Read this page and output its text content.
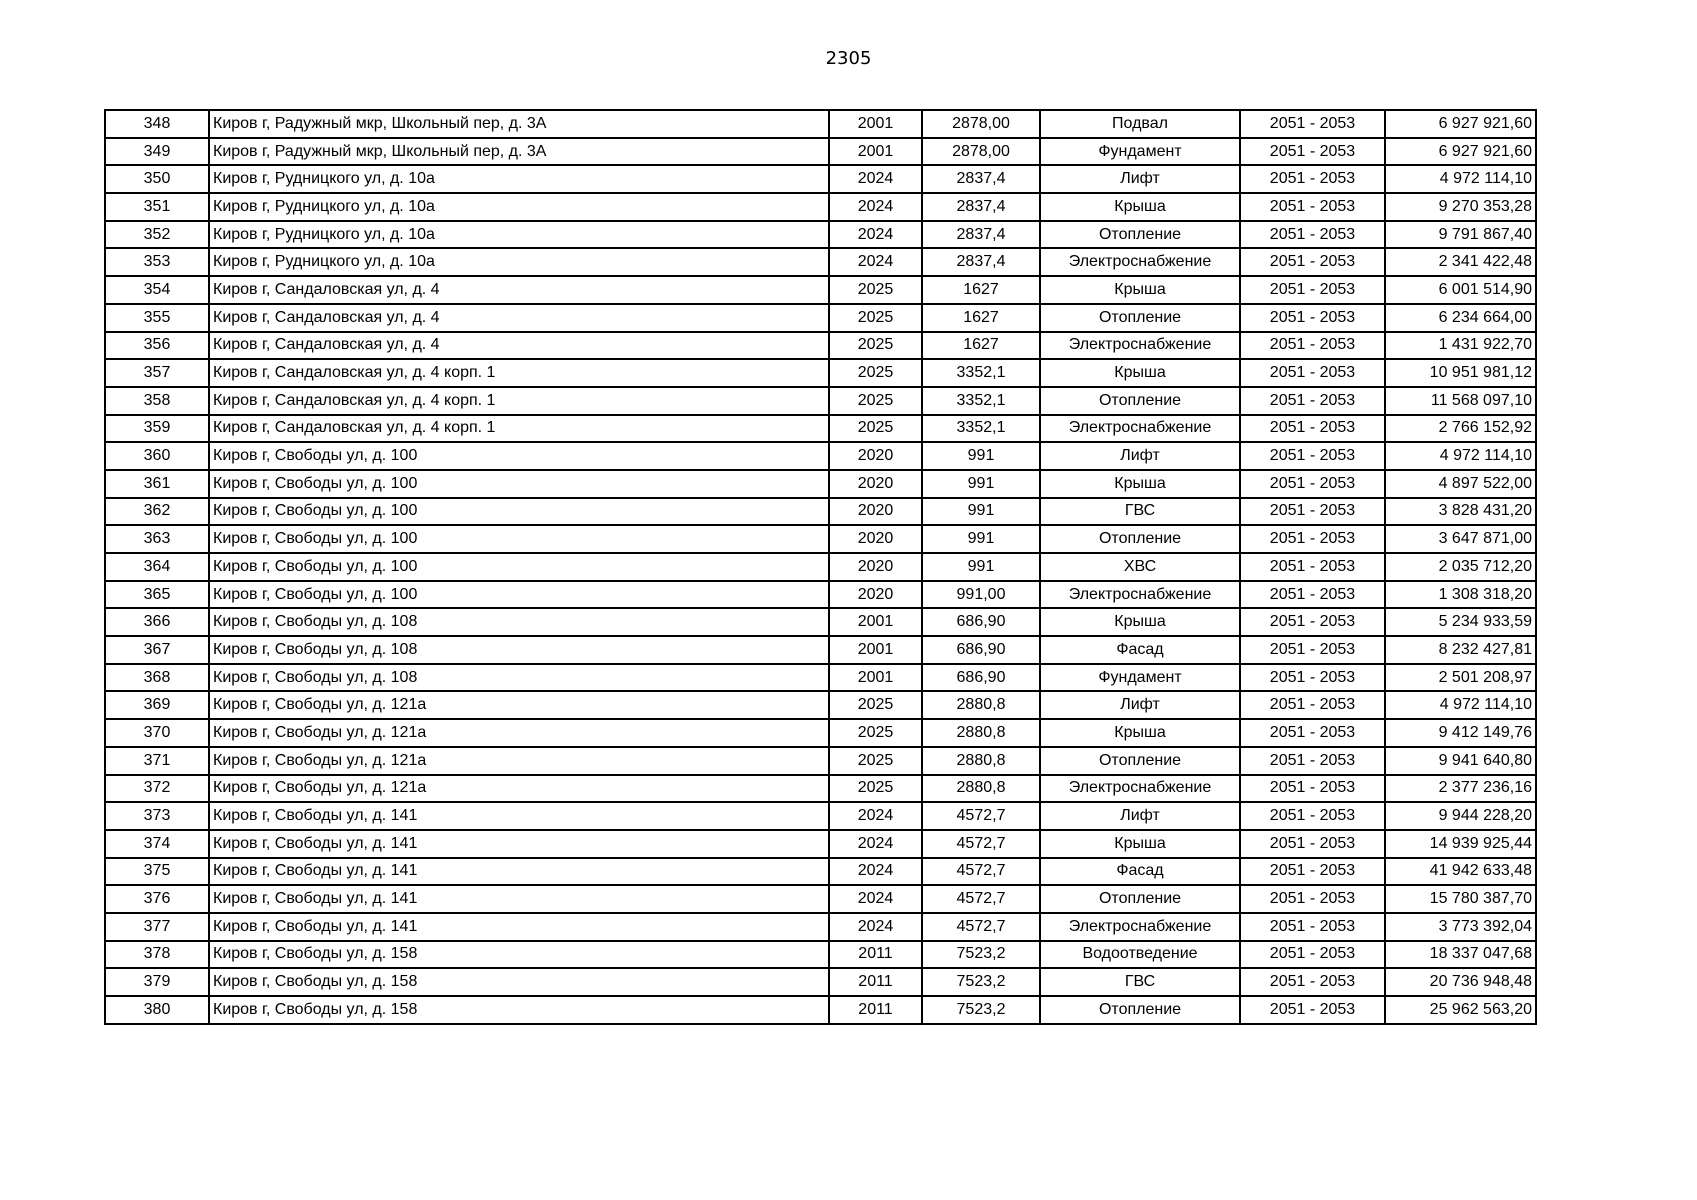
2305
348	Киров г, Радужный мкр, Школьный пер, д. 3А	2001	2878,00	Подвал	2051 - 2053	6 927 921,60
349	Киров г, Радужный мкр, Школьный пер, д. 3А	2001	2878,00	Фундамент	2051 - 2053	6 927 921,60
350	Киров г, Рудницкого ул, д. 10а	2024	2837,4	Лифт	2051 - 2053	4 972 114,10
351	Киров г, Рудницкого ул, д. 10а	2024	2837,4	Крыша	2051 - 2053	9 270 353,28
352	Киров г, Рудницкого ул, д. 10а	2024	2837,4	Отопление	2051 - 2053	9 791 867,40
353	Киров г, Рудницкого ул, д. 10а	2024	2837,4	Электроснабжение	2051 - 2053	2 341 422,48
354	Киров г, Сандаловская ул, д. 4	2025	1627	Крыша	2051 - 2053	6 001 514,90
355	Киров г, Сандаловская ул, д. 4	2025	1627	Отопление	2051 - 2053	6 234 664,00
356	Киров г, Сандаловская ул, д. 4	2025	1627	Электроснабжение	2051 - 2053	1 431 922,70
357	Киров г, Сандаловская ул, д. 4 корп. 1	2025	3352,1	Крыша	2051 - 2053	10 951 981,12
358	Киров г, Сандаловская ул, д. 4 корп. 1	2025	3352,1	Отопление	2051 - 2053	11 568 097,10
359	Киров г, Сандаловская ул, д. 4 корп. 1	2025	3352,1	Электроснабжение	2051 - 2053	2 766 152,92
360	Киров г, Свободы ул, д. 100	2020	991	Лифт	2051 - 2053	4 972 114,10
361	Киров г, Свободы ул, д. 100	2020	991	Крыша	2051 - 2053	4 897 522,00
362	Киров г, Свободы ул, д. 100	2020	991	ГВС	2051 - 2053	3 828 431,20
363	Киров г, Свободы ул, д. 100	2020	991	Отопление	2051 - 2053	3 647 871,00
364	Киров г, Свободы ул, д. 100	2020	991	ХВС	2051 - 2053	2 035 712,20
365	Киров г, Свободы ул, д. 100	2020	991,00	Электроснабжение	2051 - 2053	1 308 318,20
366	Киров г, Свободы ул, д. 108	2001	686,90	Крыша	2051 - 2053	5 234 933,59
367	Киров г, Свободы ул, д. 108	2001	686,90	Фасад	2051 - 2053	8 232 427,81
368	Киров г, Свободы ул, д. 108	2001	686,90	Фундамент	2051 - 2053	2 501 208,97
369	Киров г, Свободы ул, д. 121а	2025	2880,8	Лифт	2051 - 2053	4 972 114,10
370	Киров г, Свободы ул, д. 121а	2025	2880,8	Крыша	2051 - 2053	9 412 149,76
371	Киров г, Свободы ул, д. 121а	2025	2880,8	Отопление	2051 - 2053	9 941 640,80
372	Киров г, Свободы ул, д. 121а	2025	2880,8	Электроснабжение	2051 - 2053	2 377 236,16
373	Киров г, Свободы ул, д. 141	2024	4572,7	Лифт	2051 - 2053	9 944 228,20
374	Киров г, Свободы ул, д. 141	2024	4572,7	Крыша	2051 - 2053	14 939 925,44
375	Киров г, Свободы ул, д. 141	2024	4572,7	Фасад	2051 - 2053	41 942 633,48
376	Киров г, Свободы ул, д. 141	2024	4572,7	Отопление	2051 - 2053	15 780 387,70
377	Киров г, Свободы ул, д. 141	2024	4572,7	Электроснабжение	2051 - 2053	3 773 392,04
378	Киров г, Свободы ул, д. 158	2011	7523,2	Водоотведение	2051 - 2053	18 337 047,68
379	Киров г, Свободы ул, д. 158	2011	7523,2	ГВС	2051 - 2053	20 736 948,48
380	Киров г, Свободы ул, д. 158	2011	7523,2	Отопление	2051 - 2053	25 962 563,20
